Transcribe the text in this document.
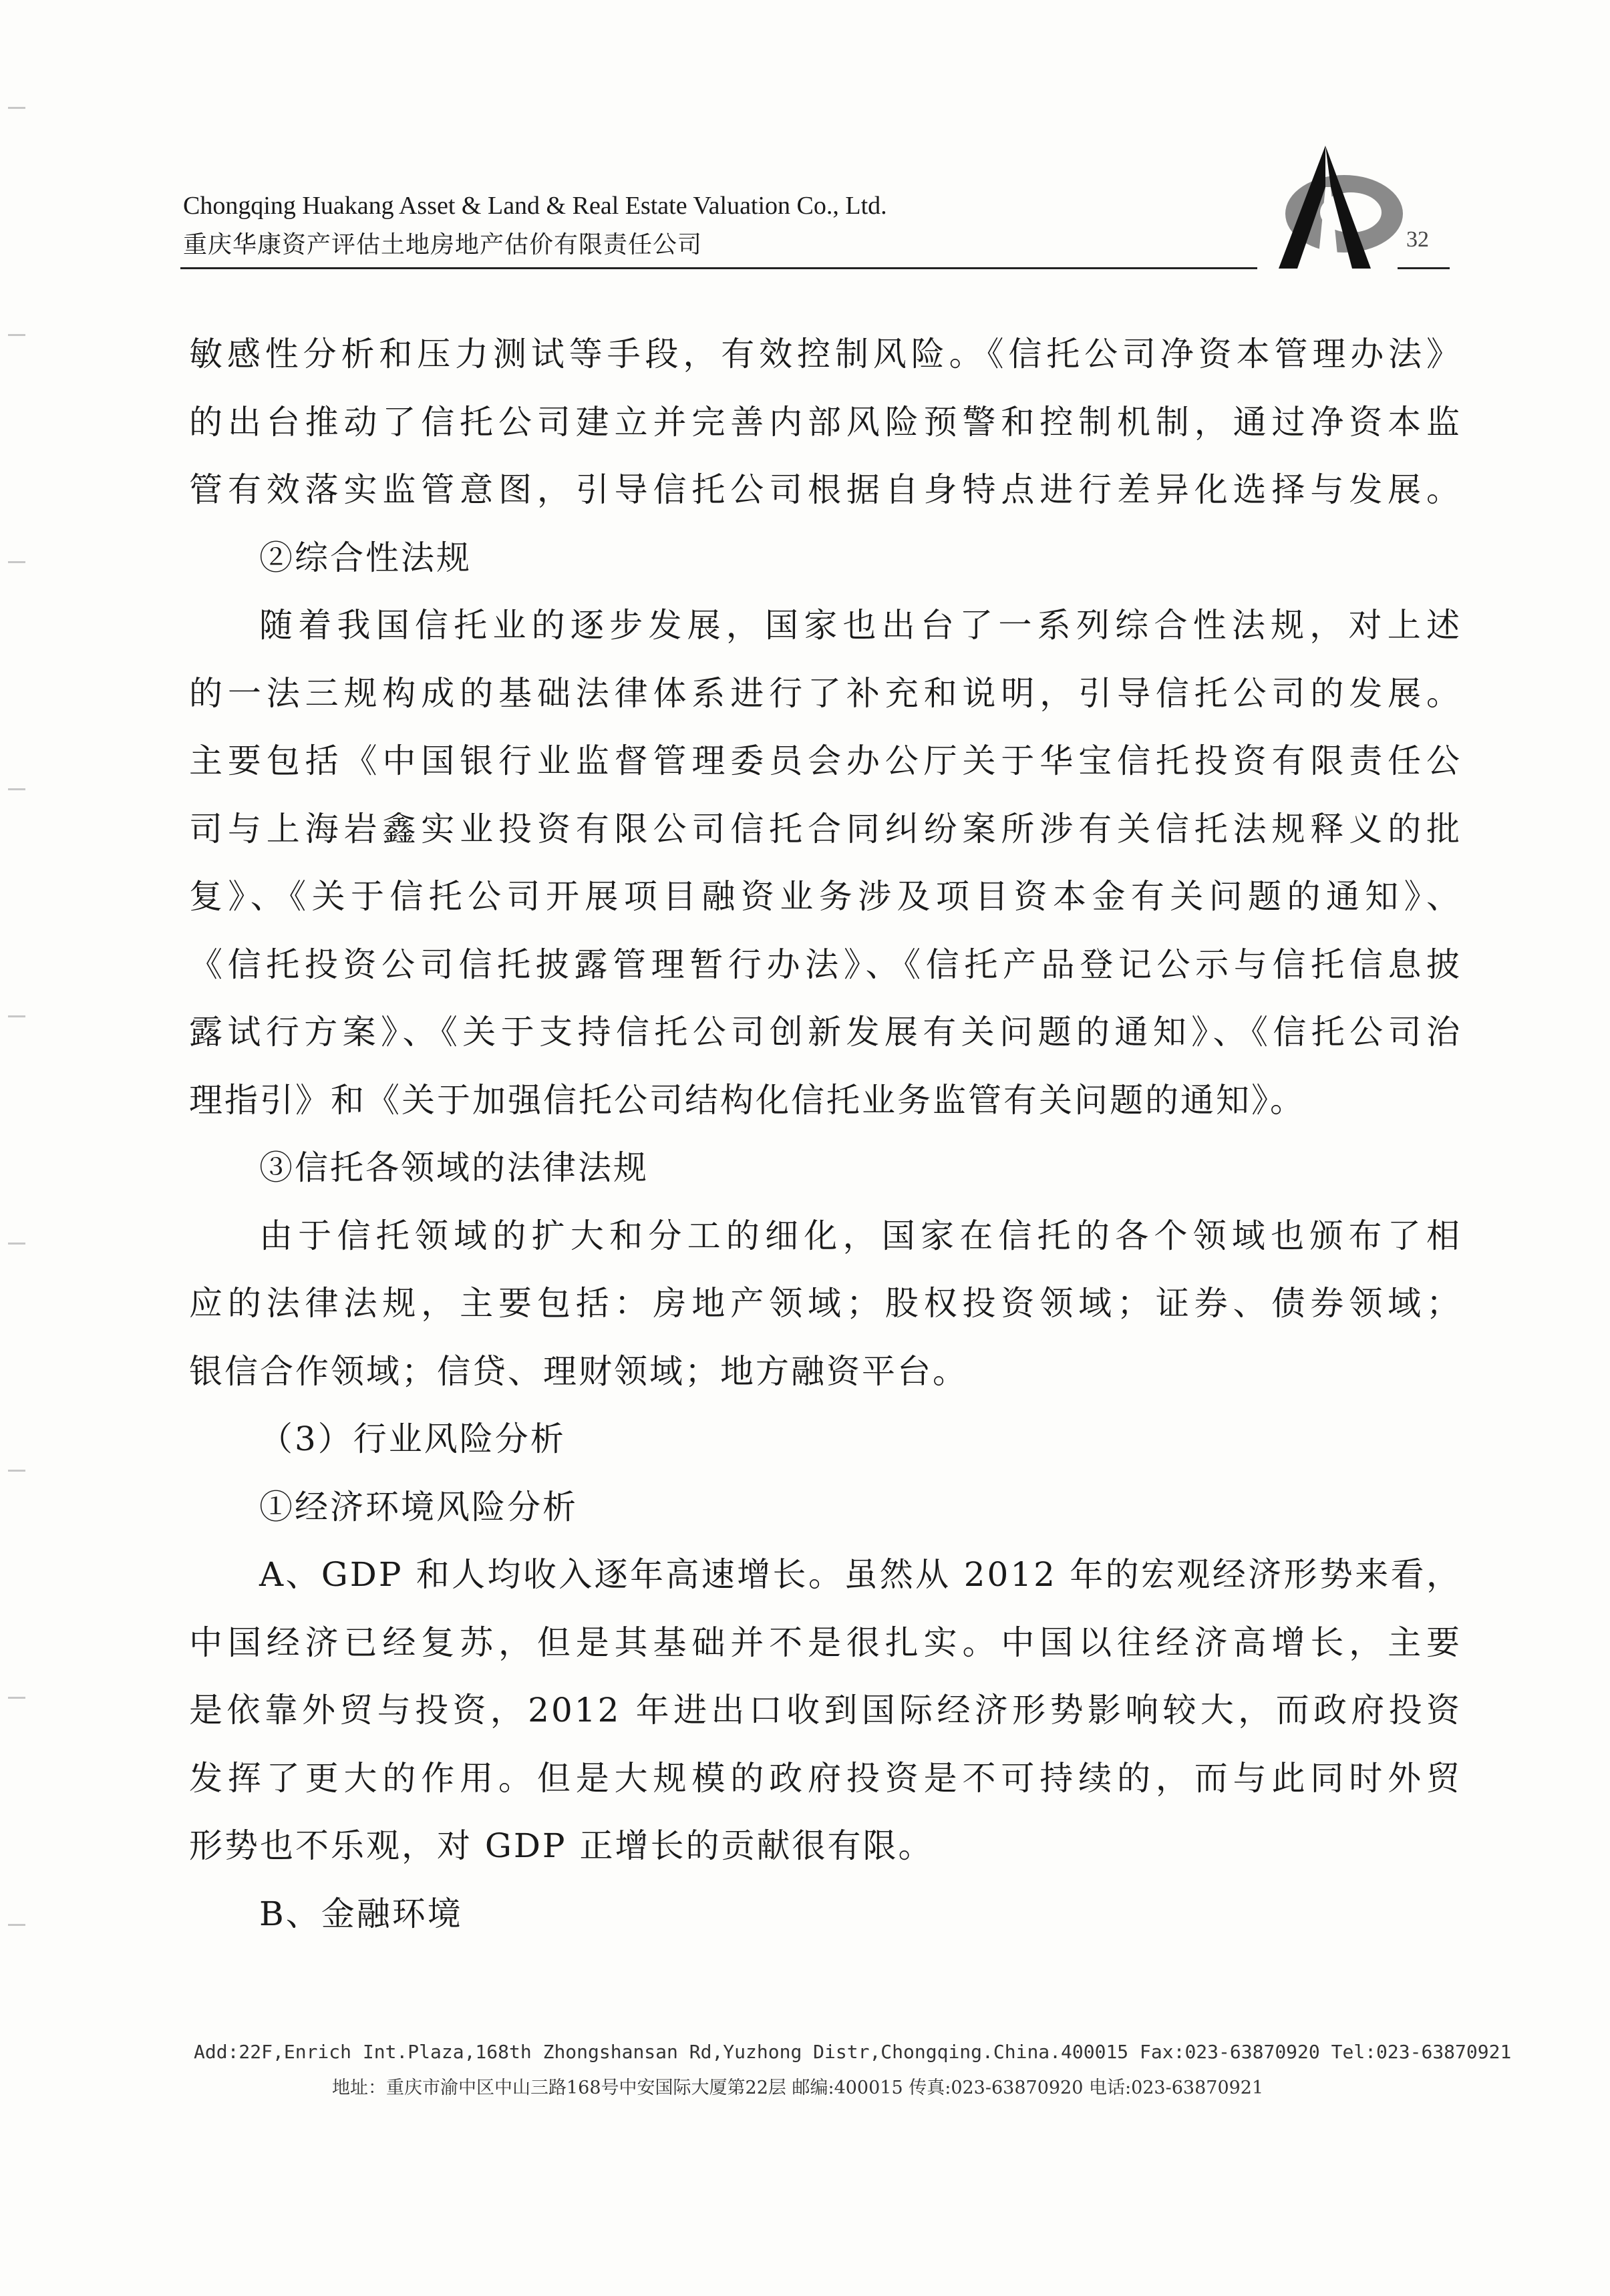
Chongqing Huakang Asset & Land & Real Estate Valuation Co., Ltd.
重庆华康资产评估土地房地产估价有限责任公司	32
敏感性分析和压力测试等手段，有效控制风险。《信托公司净资本管理办法》
的出台推动了信托公司建立并完善内部风险预警和控制机制，通过净资本监
管有效落实监管意图，引导信托公司根据自身特点进行差异化选择与发展。
②综合性法规
随着我国信托业的逐步发展，国家也出台了一系列综合性法规，对上述
的一法三规构成的基础法律体系进行了补充和说明，引导信托公司的发展。
主要包括《中国银行业监督管理委员会办公厅关于华宝信托投资有限责任公
司与上海岩鑫实业投资有限公司信托合同纠纷案所涉有关信托法规释义的批
复》、《关于信托公司开展项目融资业务涉及项目资本金有关问题的通知》、
《信托投资公司信托披露管理暂行办法》、《信托产品登记公示与信托信息披
露试行方案》、《关于支持信托公司创新发展有关问题的通知》、《信托公司治
理指引》和《关于加强信托公司结构化信托业务监管有关问题的通知》。
③信托各领域的法律法规
由于信托领域的扩大和分工的细化，国家在信托的各个领域也颁布了相
应的法律法规，主要包括：房地产领域；股权投资领域；证券、债券领域；
银信合作领域；信贷、理财领域；地方融资平台。
（3）行业风险分析
①经济环境风险分析
A、GDP 和人均收入逐年高速增长。虽然从 2012 年的宏观经济形势来看，
中国经济已经复苏，但是其基础并不是很扎实。中国以往经济高增长，主要
是依靠外贸与投资，2012 年进出口收到国际经济形势影响较大，而政府投资
发挥了更大的作用。但是大规模的政府投资是不可持续的，而与此同时外贸
形势也不乐观，对 GDP 正增长的贡献很有限。
B、金融环境
Add:22F,Enrich Int.Plaza,168th Zhongshansan Rd,Yuzhong Distr,Chongqing.China.400015 Fax:023-63870920 Tel:023-63870921
地址：重庆市渝中区中山三路168号中安国际大厦第22层 邮编:400015 传真:023-63870920 电话:023-63870921
